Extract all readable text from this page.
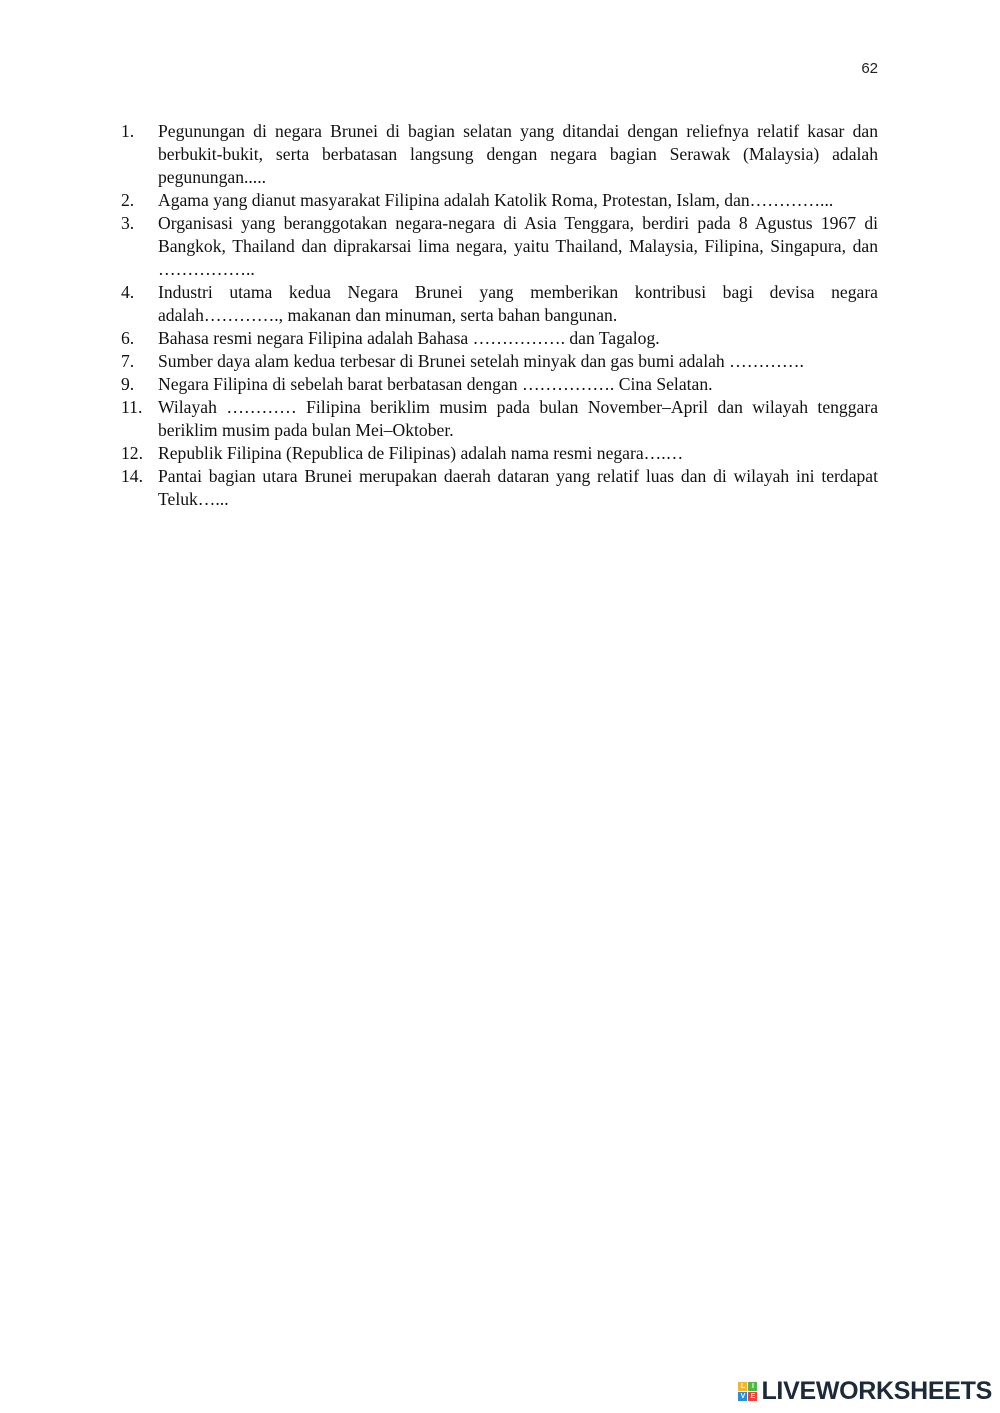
62
1. Pegunungan di negara Brunei di bagian selatan yang ditandai dengan reliefnya relatif kasar dan berbukit-bukit, serta berbatasan langsung dengan negara bagian Serawak (Malaysia) adalah pegunungan.....
2. Agama yang dianut masyarakat Filipina adalah Katolik Roma, Protestan, Islam, dan…………...
3. Organisasi yang beranggotakan negara-negara di Asia Tenggara, berdiri pada 8 Agustus 1967 di Bangkok, Thailand dan diprakarsai lima negara, yaitu Thailand, Malaysia, Filipina, Singapura, dan ……………..
4. Industri utama kedua Negara Brunei yang memberikan kontribusi bagi devisa negara adalah…………., makanan dan minuman, serta bahan bangunan.
6. Bahasa resmi negara Filipina adalah Bahasa ……………. dan Tagalog.
7. Sumber daya alam kedua terbesar di Brunei setelah minyak dan gas bumi adalah ………….
9. Negara Filipina di sebelah barat berbatasan dengan ……………. Cina Selatan.
11. Wilayah ………… Filipina beriklim musim pada bulan November–April dan wilayah tenggara beriklim musim pada bulan Mei–Oktober.
12. Republik Filipina (Republica de Filipinas) adalah nama resmi negara….…
14. Pantai bagian utara Brunei merupakan daerah dataran yang relatif luas dan di wilayah ini terdapat Teluk…...
L I
V E LIVEWORKSHEETS
